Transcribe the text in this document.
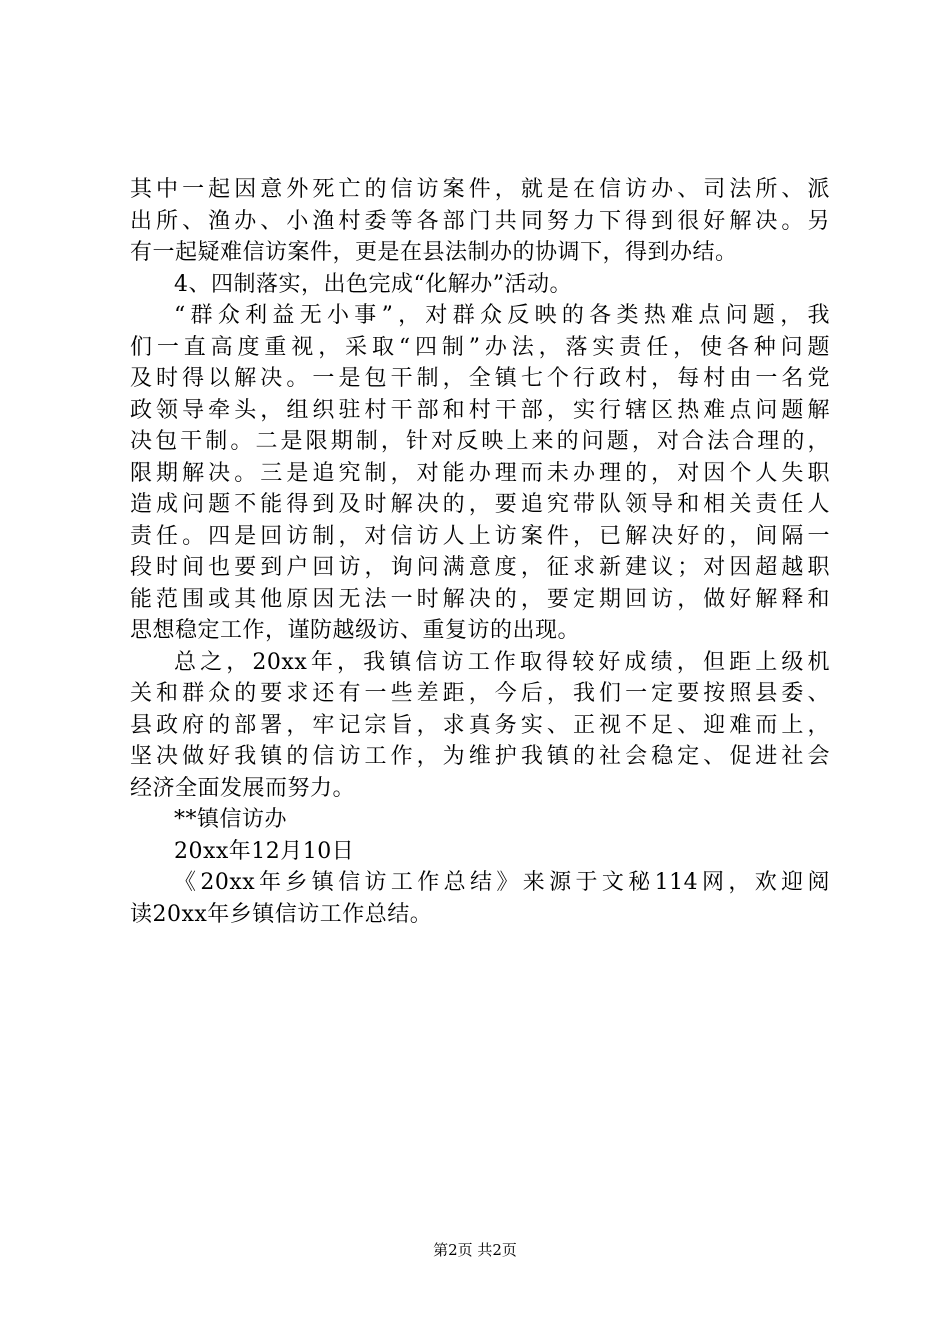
其中一起因意外死亡的信访案件，就是在信访办、司法所、派
出所、渔办、小渔村委等各部门共同努力下得到很好解决。另
有一起疑难信访案件，更是在县法制办的协调下，得到办结。
4、四制落实，出色完成“化解办”活动。
“群众利益无小事”，对群众反映的各类热难点问题，我
们一直高度重视，采取“四制”办法，落实责任，使各种问题
及时得以解决。一是包干制，全镇七个行政村，每村由一名党
政领导牵头，组织驻村干部和村干部，实行辖区热难点问题解
决包干制。二是限期制，针对反映上来的问题，对合法合理的，
限期解决。三是追究制，对能办理而未办理的，对因个人失职
造成问题不能得到及时解决的，要追究带队领导和相关责任人
责任。四是回访制，对信访人上访案件，已解决好的，间隔一
段时间也要到户回访，询问满意度，征求新建议；对因超越职
能范围或其他原因无法一时解决的，要定期回访，做好解释和
思想稳定工作，谨防越级访、重复访的出现。
总之，20xx年，我镇信访工作取得较好成绩，但距上级机
关和群众的要求还有一些差距，今后，我们一定要按照县委、
县政府的部署，牢记宗旨，求真务实、正视不足、迎难而上，
坚决做好我镇的信访工作，为维护我镇的社会稳定、促进社会
经济全面发展而努力。
**镇信访办
20xx年12月10日
《20xx年乡镇信访工作总结》来源于文秘114网，欢迎阅
读20xx年乡镇信访工作总结。
第2页 共2页
